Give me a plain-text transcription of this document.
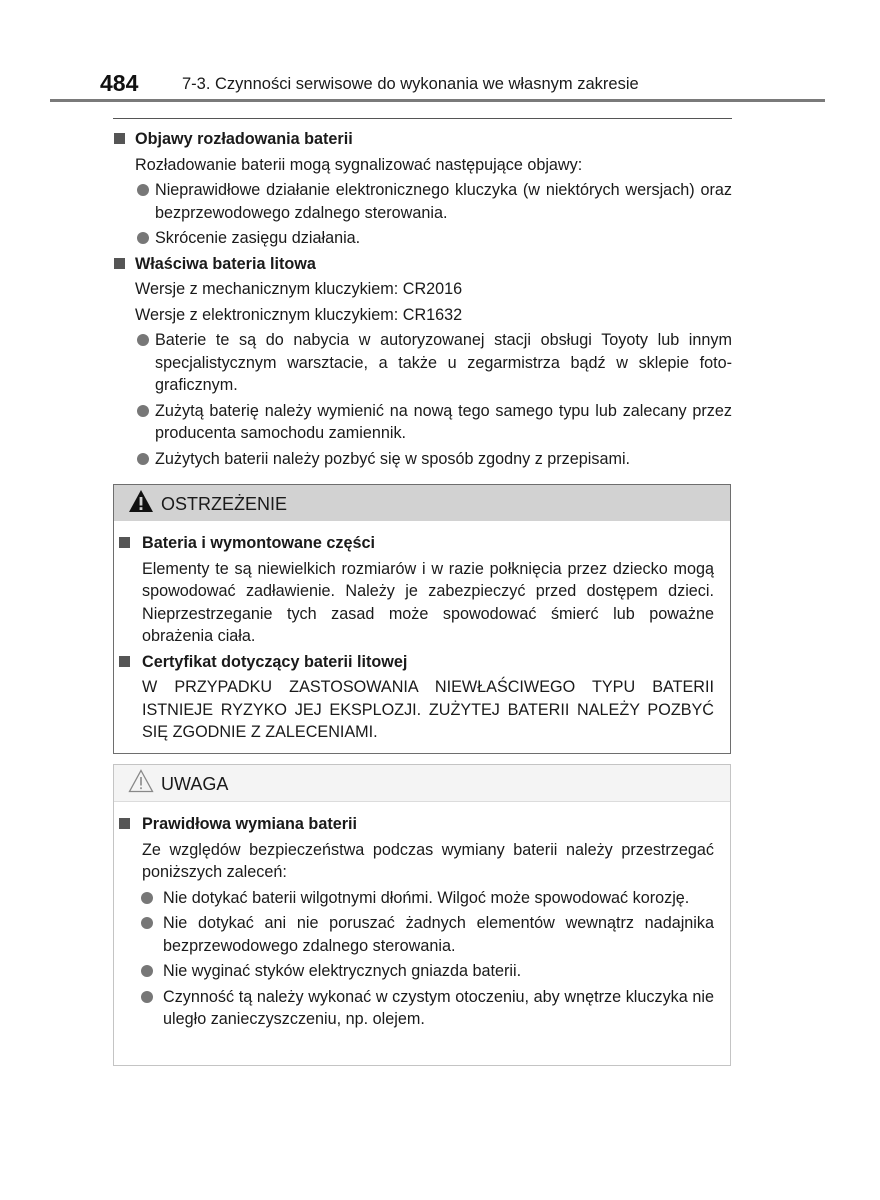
484	7-3. Czynności serwisowe do wykonania we własnym zakresie
Objawy rozładowania baterii
Rozładowanie baterii mogą sygnalizować następujące objawy:
Nieprawidłowe działanie elektronicznego kluczyka (w niektórych wersjach) oraz bezprzewodowego zdalnego sterowania.
Skrócenie zasięgu działania.
Właściwa bateria litowa
Wersje z mechanicznym kluczykiem: CR2016
Wersje z elektronicznym kluczykiem: CR1632
Baterie te są do nabycia w autoryzowanej stacji obsługi Toyoty lub innym specjalistycznym warsztacie, a także u zegarmistrza bądź w sklepie fotograficznym.
Zużytą baterię należy wymienić na nową tego samego typu lub zalecany przez producenta samochodu zamiennik.
Zużytych baterii należy pozbyć się w sposób zgodny z przepisami.
OSTRZEŻENIE
Bateria i wymontowane części
Elementy te są niewielkich rozmiarów i w razie połknięcia przez dziecko mogą spowodować zadławienie. Należy je zabezpieczyć przed dostępem dzieci. Nieprzestrzeganie tych zasad może spowodować śmierć lub poważne obrażenia ciała.
Certyfikat dotyczący baterii litowej
W PRZYPADKU ZASTOSOWANIA NIEWŁAŚCIWEGO TYPU BATERII ISTNIEJE RYZYKO JEJ EKSPLOZJI. ZUŻYTEJ BATERII NALEŻY POZBYĆ SIĘ ZGODNIE Z ZALECENIAMI.
UWAGA
Prawidłowa wymiana baterii
Ze względów bezpieczeństwa podczas wymiany baterii należy przestrzegać poniższych zaleceń:
Nie dotykać baterii wilgotnymi dłońmi. Wilgoć może spowodować korozję.
Nie dotykać ani nie poruszać żadnych elementów wewnątrz nadajnika bezprzewodowego zdalnego sterowania.
Nie wyginać styków elektrycznych gniazda baterii.
Czynność tą należy wykonać w czystym otoczeniu, aby wnętrze kluczyka nie uległo zanieczyszczeniu, np. olejem.
